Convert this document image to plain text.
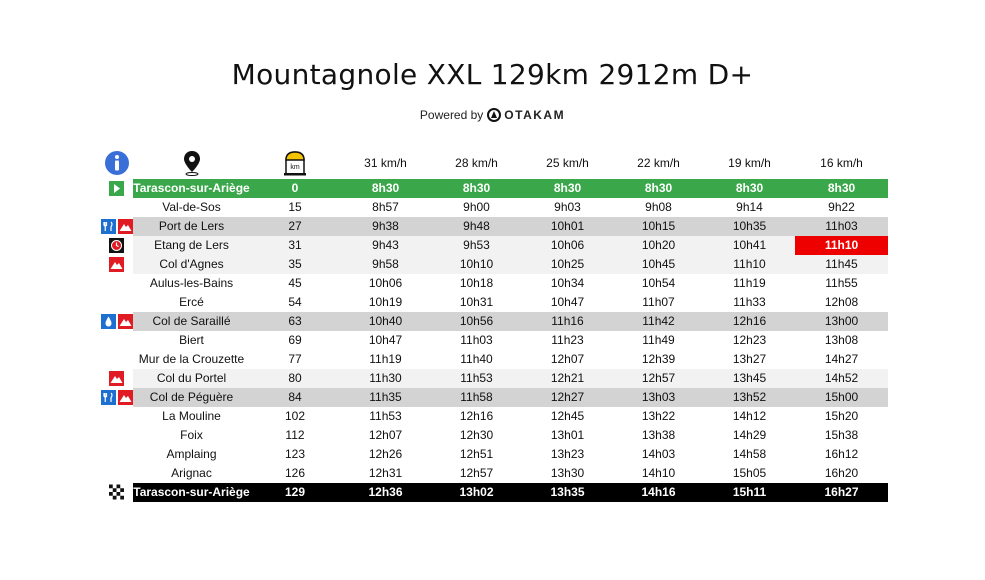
Mountagnole XXL 129km 2912m D+
Powered by OTAKAM
km	31 km/h	28 km/h	25 km/h	22 km/h	19 km/h	16 km/h
Tarascon-sur-Ariège	0	8h30	8h30	8h30	8h30	8h30	8h30
Val-de-Sos	15	8h57	9h00	9h03	9h08	9h14	9h22
Port de Lers	27	9h38	9h48	10h01	10h15	10h35	11h03
Etang de Lers	31	9h43	9h53	10h06	10h20	10h41	11h10
Col d'Agnes	35	9h58	10h10	10h25	10h45	11h10	11h45
Aulus-les-Bains	45	10h06	10h18	10h34	10h54	11h19	11h55
Ercé	54	10h19	10h31	10h47	11h07	11h33	12h08
Col de Saraillé	63	10h40	10h56	11h16	11h42	12h16	13h00
Biert	69	10h47	11h03	11h23	11h49	12h23	13h08
Mur de la Crouzette	77	11h19	11h40	12h07	12h39	13h27	14h27
Col du Portel	80	11h30	11h53	12h21	12h57	13h45	14h52
Col de Péguère	84	11h35	11h58	12h27	13h03	13h52	15h00
La Mouline	102	11h53	12h16	12h45	13h22	14h12	15h20
Foix	112	12h07	12h30	13h01	13h38	14h29	15h38
Amplaing	123	12h26	12h51	13h23	14h03	14h58	16h12
Arignac	126	12h31	12h57	13h30	14h10	15h05	16h20
Tarascon-sur-Ariège	129	12h36	13h02	13h35	14h16	15h11	16h27
